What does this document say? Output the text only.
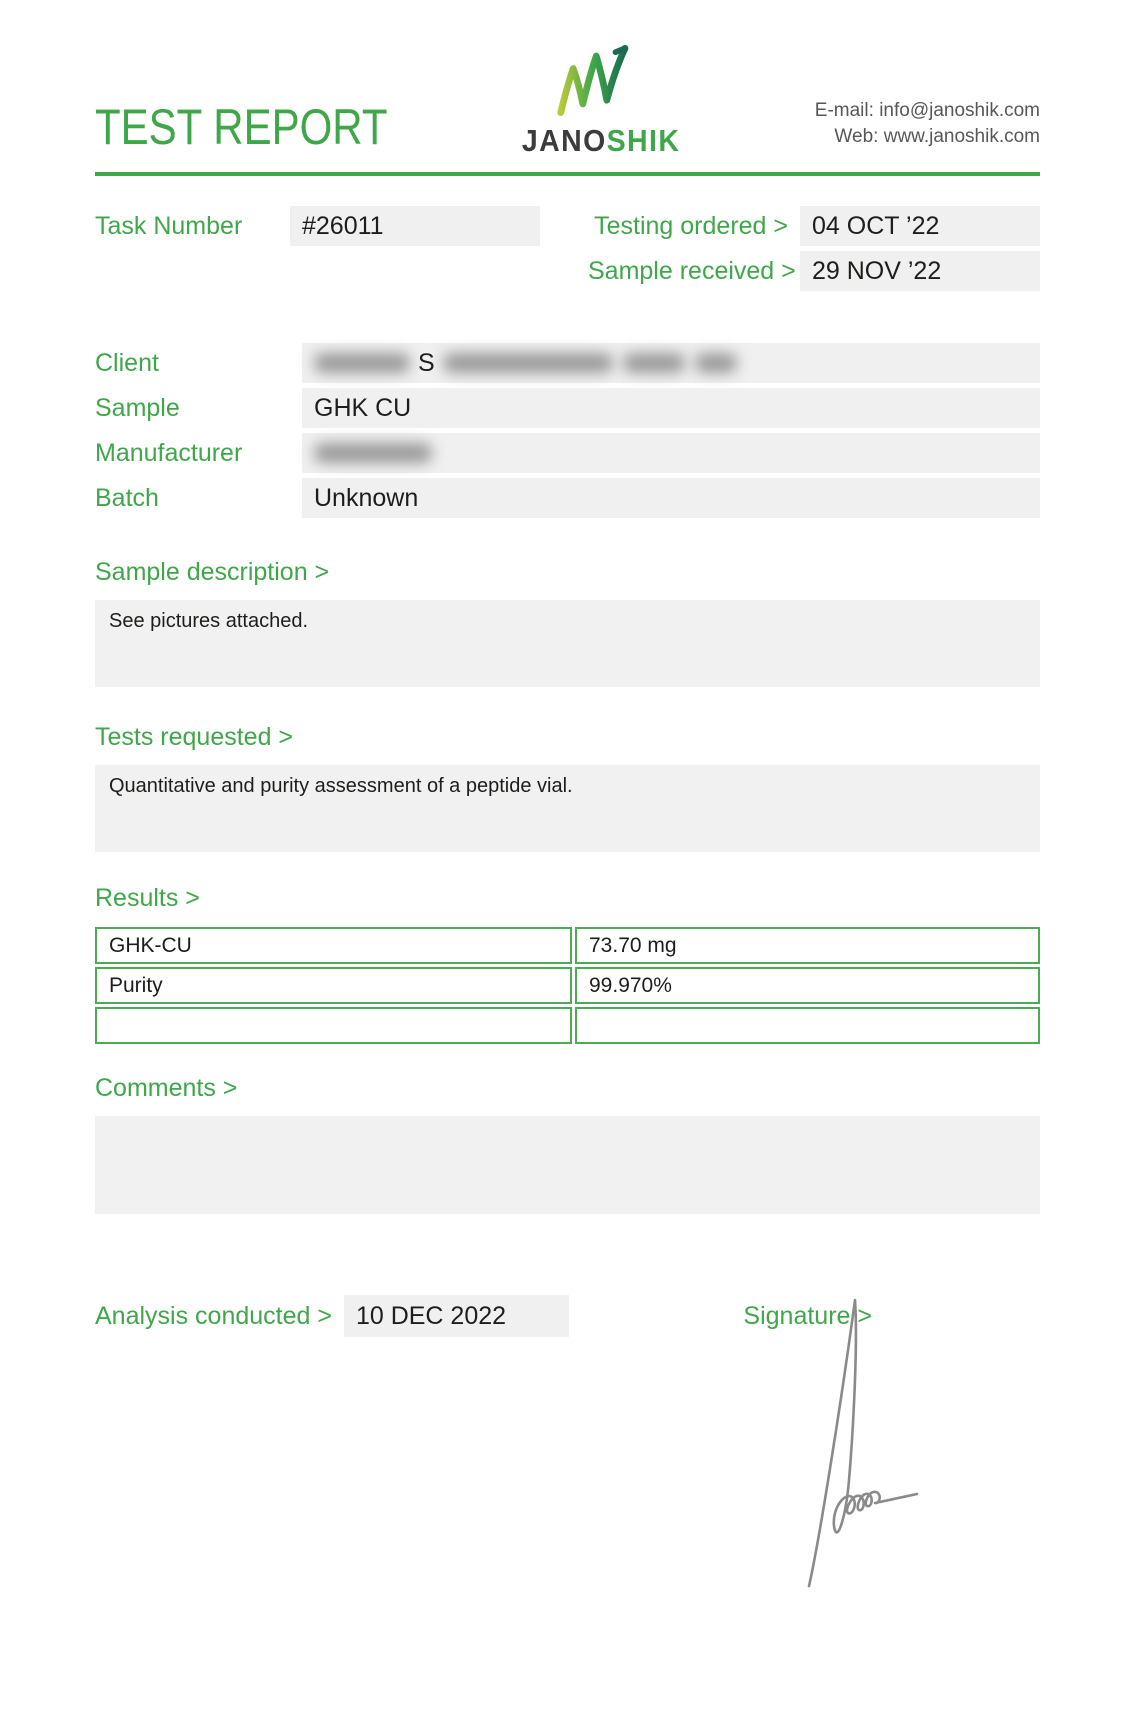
TEST REPORT	JANOSHIK
E-mail: info@janoshik.com
Web: www.janoshik.com
Task Number	#26011	Testing ordered > 04 OCT ’22
Sample received > 29 NOV ’22
Client	S
Sample	GHK CU
Manufacturer
Batch	Unknown
Sample description >
See pictures attached.
Tests requested >
Quantitative and purity assessment of a peptide vial.
Results >
GHK-CU	73.70 mg
Purity	99.970%
Comments >
Analysis conducted > 10 DEC 2022	Signature >
